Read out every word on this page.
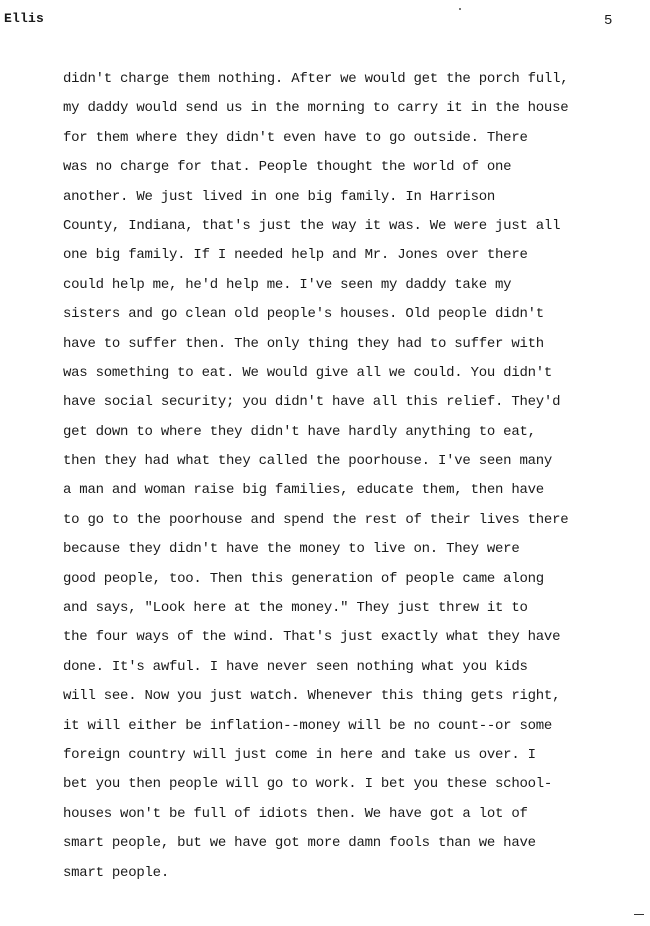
Ellis	5
didn't charge them nothing. After we would get the porch full,
my daddy would send us in the morning to carry it in the house
for them where they didn't even have to go outside. There
was no charge for that. People thought the world of one
another. We just lived in one big family. In Harrison
County, Indiana, that's just the way it was. We were just all
one big family. If I needed help and Mr. Jones over there
could help me, he'd help me. I've seen my daddy take my
sisters and go clean old people's houses. Old people didn't
have to suffer then. The only thing they had to suffer with
was something to eat. We would give all we could. You didn't
have social security; you didn't have all this relief. They'd
get down to where they didn't have hardly anything to eat,
then they had what they called the poorhouse. I've seen many
a man and woman raise big families, educate them, then have
to go to the poorhouse and spend the rest of their lives there
because they didn't have the money to live on. They were
good people, too. Then this generation of people came along
and says, "Look here at the money." They just threw it to
the four ways of the wind. That's just exactly what they have
done. It's awful. I have never seen nothing what you kids
will see. Now you just watch. Whenever this thing gets right,
it will either be inflation--money will be no count--or some
foreign country will just come in here and take us over. I
bet you then people will go to work. I bet you these school-
houses won't be full of idiots then. We have got a lot of
smart people, but we have got more damn fools than we have
smart people.
